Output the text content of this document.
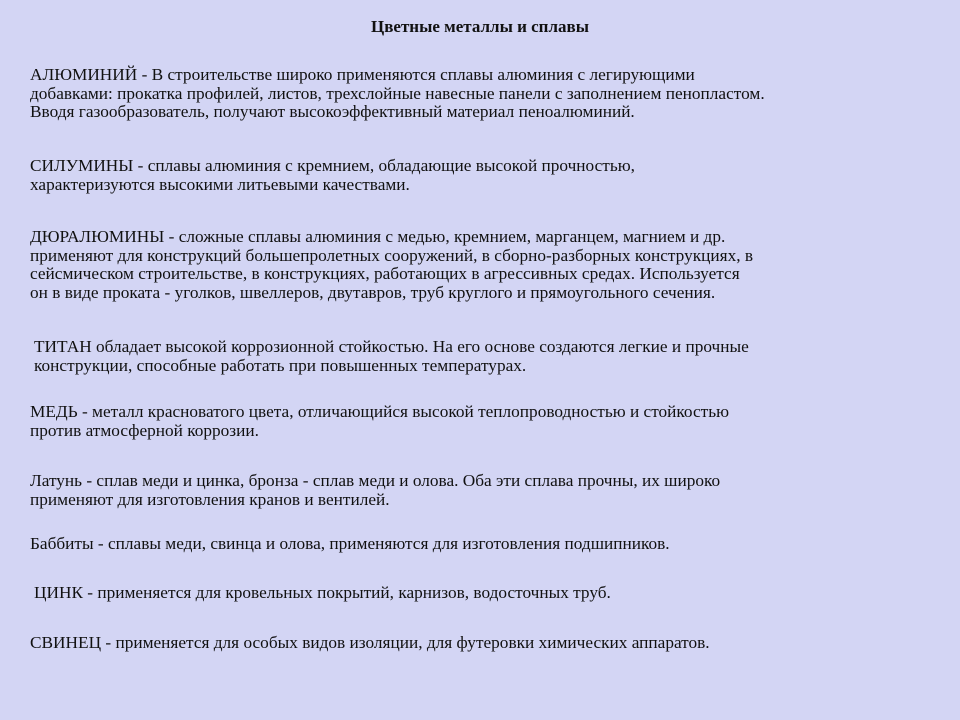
Цветные металлы и сплавы
АЛЮМИНИЙ - В строительстве широко применяются сплавы алюминия с легирующими
добавками: прокатка профилей, листов, трехслойные навесные панели с заполнением пенопластом.
Вводя газообразователь, получают высокоэффективный материал пеноалюминий.
СИЛУМИНЫ - сплавы алюминия с кремнием, обладающие высокой прочностью,
характеризуются высокими литьевыми качествами.
ДЮРАЛЮМИНЫ - сложные сплавы алюминия с медью, кремнием, марганцем, магнием и др.
применяют для конструкций большепролетных сооружений, в сборно-разборных конструкциях, в
сейсмическом строительстве, в конструкциях, работающих в агрессивных средах. Используется
он в виде проката - уголков, швеллеров, двутавров, труб круглого и прямоугольного сечения.
ТИТАН обладает высокой коррозионной стойкостью. На его основе создаются легкие и прочные
конструкции, способные работать при повышенных температурах.
МЕДЬ - металл красноватого цвета, отличающийся высокой теплопроводностью и стойкостью
против атмосферной коррозии.
Латунь - сплав меди и цинка, бронза - сплав меди и олова. Оба эти сплава прочны, их широко
применяют для изготовления кранов и вентилей.
Баббиты - сплавы меди, свинца и олова, применяются для изготовления подшипников.
ЦИНК - применяется для кровельных покрытий, карнизов, водосточных труб.
СВИНЕЦ - применяется для особых видов изоляции, для футеровки химических аппаратов.
